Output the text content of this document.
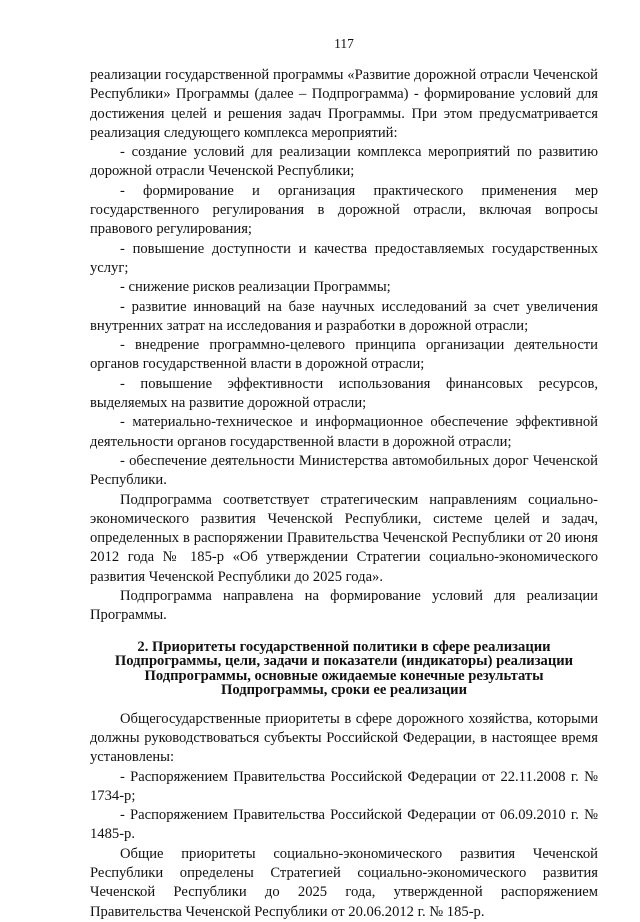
117

реализации государственной программы «Развитие дорожной отрасли Чеченской Республики» Программы (далее – Подпрограмма) - формирование условий для достижения целей и решения задач Программы. При этом предусматривается реализация следующего комплекса мероприятий:

- создание условий для реализации комплекса мероприятий по развитию дорожной отрасли Чеченской Республики;

- формирование и организация практического применения мер государственного регулирования в дорожной отрасли, включая вопросы правового регулирования;

- повышение доступности и качества предоставляемых государственных услуг;

- снижение рисков реализации Программы;

- развитие инноваций на базе научных исследований за счет увеличения внутренних затрат на исследования и разработки в дорожной отрасли;

- внедрение программно-целевого принципа организации деятельности органов государственной власти в дорожной отрасли;

- повышение эффективности использования финансовых ресурсов, выделяемых на развитие дорожной отрасли;

- материально-техническое и информационное обеспечение эффективной деятельности органов государственной власти в дорожной отрасли;

- обеспечение деятельности Министерства автомобильных дорог Чеченской Республики.

Подпрограмма соответствует стратегическим направлениям социально-экономического развития Чеченской Республики, системе целей и задач, определенных в распоряжении Правительства Чеченской Республики от 20 июня 2012 года № 185-р «Об утверждении Стратегии социально-экономического развития Чеченской Республики до 2025 года».

Подпрограмма направлена на формирование условий для реализации Программы.

2. Приоритеты государственной политики в сфере реализации
Подпрограммы, цели, задачи и показатели (индикаторы) реализации
Подпрограммы, основные ожидаемые конечные результаты
Подпрограммы, сроки ее реализации

Общегосударственные приоритеты в сфере дорожного хозяйства, которыми должны руководствоваться субъекты Российской Федерации, в настоящее время установлены:

- Распоряжением Правительства Российской Федерации от 22.11.2008 г. № 1734-р;

- Распоряжением Правительства Российской Федерации от 06.09.2010 г. № 1485-р.

Общие приоритеты социально-экономического развития Чеченской Республики определены Стратегией социально-экономического развития Чеченской Республики до 2025 года, утвержденной распоряжением Правительства Чеченской Республики от 20.06.2012 г. № 185-р.
